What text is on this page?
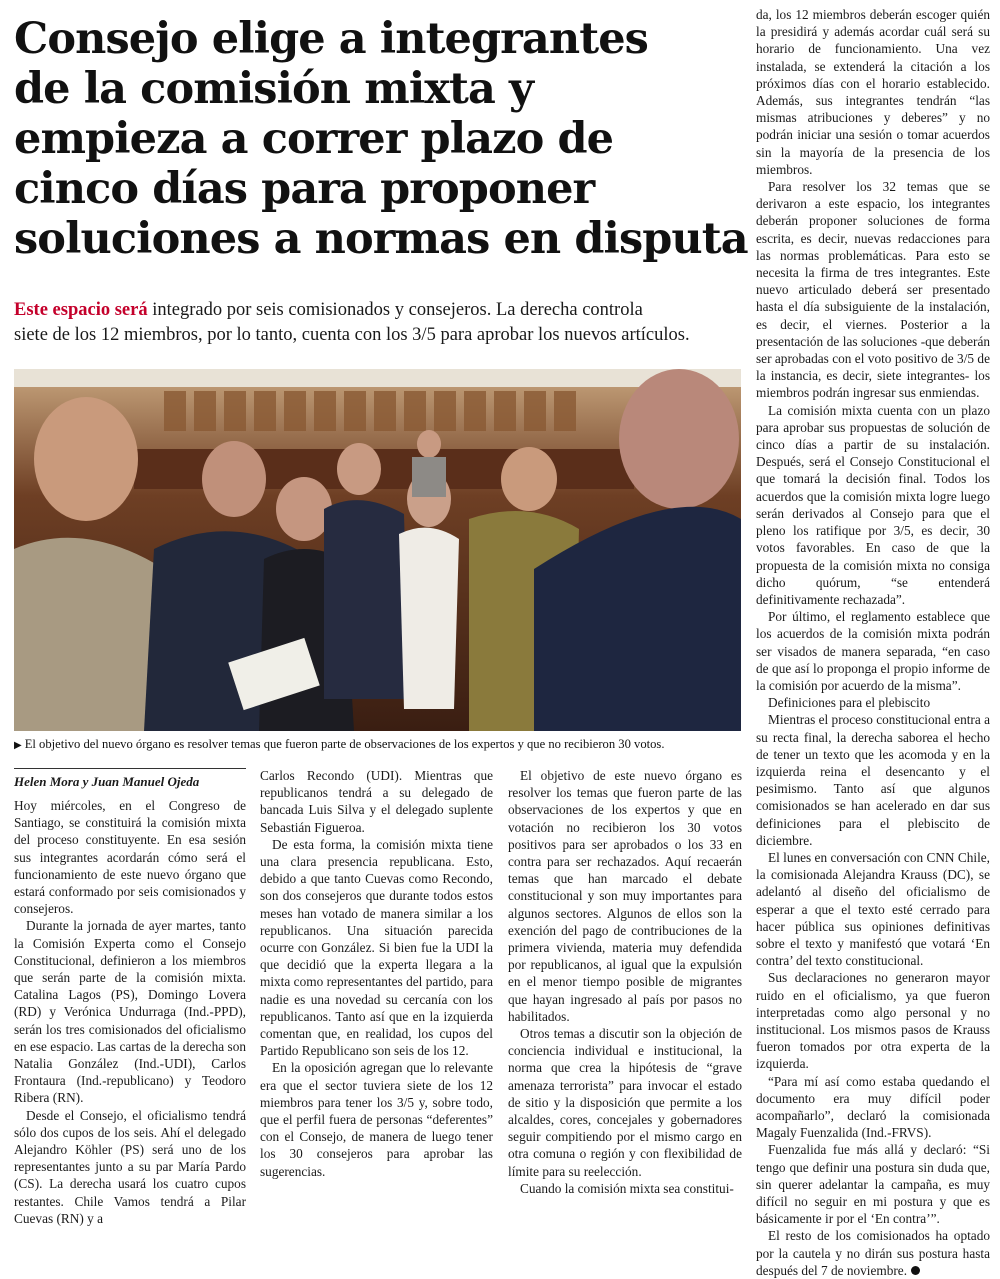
Consejo elige a integrantes
de la comisión mixta y
empieza a correr plazo de
cinco días para proponer
soluciones a normas en disputa
Este espacio será integrado por seis comisionados y consejeros. La derecha controla
siete de los 12 miembros, por lo tanto, cuenta con los 3/5 para aprobar los nuevos artículos.
▶ El objetivo del nuevo órgano es resolver temas que fueron parte de observaciones de los expertos y que no recibieron 30 votos.
Helen Mora y Juan Manuel Ojeda

Hoy miércoles, en el Congreso de Santiago, se constituirá la comisión mixta del proceso constituyente. En esa sesión sus integrantes acordarán cómo será el funcionamiento de este nuevo órgano que estará conformado por seis comisionados y consejeros.

Durante la jornada de ayer martes, tanto la Comisión Experta como el Consejo Constitucional, definieron a los miembros que serán parte de la comisión mixta. Catalina Lagos (PS), Domingo Lovera (RD) y Verónica Undurraga (Ind.-PPD), serán los tres comisionados del oficialismo en ese espacio. Las cartas de la derecha son Natalia González (Ind.-UDI), Carlos Frontaura (Ind.-republicano) y Teodoro Ribera (RN).

Desde el Consejo, el oficialismo tendrá sólo dos cupos de los seis. Ahí el delegado Alejandro Köhler (PS) será uno de los representantes junto a su par María Pardo (CS). La derecha usará los cuatro cupos restantes. Chile Vamos tendrá a Pilar Cuevas (RN) y a

Carlos Recondo (UDI). Mientras que republicanos tendrá a su delegado de bancada Luis Silva y el delegado suplente Sebastián Figueroa.

De esta forma, la comisión mixta tiene una clara presencia republicana. Esto, debido a que tanto Cuevas como Recondo, son dos consejeros que durante todos estos meses han votado de manera similar a los republicanos. Una situación parecida ocurre con González. Si bien fue la UDI la que decidió que la experta llegara a la mixta como representantes del partido, para nadie es una novedad su cercanía con los republicanos. Tanto así que en la izquierda comentan que, en realidad, los cupos del Partido Republicano son seis de los 12.

En la oposición agregan que lo relevante era que el sector tuviera siete de los 12 miembros para tener los 3/5 y, sobre todo, que el perfil fuera de personas “deferentes” con el Consejo, de manera de luego tener los 30 consejeros para aprobar las sugerencias.

El objetivo de este nuevo órgano es resolver los temas que fueron parte de las observaciones de los expertos y que en votación no recibieron los 30 votos positivos para ser aprobados o los 33 en contra para ser rechazados. Aquí recaerán temas que han marcado el debate constitucional y son muy importantes para algunos sectores. Algunos de ellos son la exención del pago de contribuciones de la primera vivienda, materia muy defendida por republicanos, al igual que la expulsión en el menor tiempo posible de migrantes que hayan ingresado al país por pasos no habilitados.

Otros temas a discutir son la objeción de conciencia individual e institucional, la norma que crea la hipótesis de “grave amenaza terrorista” para invocar el estado de sitio y la disposición que permite a los alcaldes, cores, concejales y gobernadores seguir compitiendo por el mismo cargo en otra comuna o región y con flexibilidad de límite para su reelección.

Cuando la comisión mixta sea constitui-

da, los 12 miembros deberán escoger quién la presidirá y además acordar cuál será su horario de funcionamiento. Una vez instalada, se extenderá la citación a los próximos días con el horario establecido. Además, sus integrantes tendrán “las mismas atribuciones y deberes” y no podrán iniciar una sesión o tomar acuerdos sin la mayoría de la presencia de los miembros.

Para resolver los 32 temas que se derivaron a este espacio, los integrantes deberán proponer soluciones de forma escrita, es decir, nuevas redacciones para las normas problemáticas. Para esto se necesita la firma de tres integrantes. Este nuevo articulado deberá ser presentado hasta el día subsiguiente de la instalación, es decir, el viernes. Posterior a la presentación de las soluciones -que deberán ser aprobadas con el voto positivo de 3/5 de la instancia, es decir, siete integrantes- los miembros podrán ingresar sus enmiendas.

La comisión mixta cuenta con un plazo para aprobar sus propuestas de solución de cinco días a partir de su instalación. Después, será el Consejo Constitucional el que tomará la decisión final. Todos los acuerdos que la comisión mixta logre luego serán derivados al Consejo para que el pleno los ratifique por 3/5, es decir, 30 votos favorables. En caso de que la propuesta de la comisión mixta no consiga dicho quórum, “se entenderá definitivamente rechazada”.

Por último, el reglamento establece que los acuerdos de la comisión mixta podrán ser visados de manera separada, “en caso de que así lo proponga el propio informe de la comisión por acuerdo de la misma”.

Definiciones para el plebiscito

Mientras el proceso constitucional entra a su recta final, la derecha saborea el hecho de tener un texto que les acomoda y en la izquierda reina el desencanto y el pesimismo. Tanto así que algunos comisionados se han acelerado en dar sus definiciones para el plebiscito de diciembre.

El lunes en conversación con CNN Chile, la comisionada Alejandra Krauss (DC), se adelantó al diseño del oficialismo de esperar a que el texto esté cerrado para hacer pública sus opiniones definitivas sobre el texto y manifestó que votará ‘En contra’ del texto constitucional.

Sus declaraciones no generaron mayor ruido en el oficialismo, ya que fueron interpretadas como algo personal y no institucional. Los mismos pasos de Krauss fueron tomados por otra experta de la izquierda.

“Para mí así como estaba quedando el documento era muy difícil poder acompañarlo”, declaró la comisionada Magaly Fuenzalida (Ind.-FRVS).

Fuenzalida fue más allá y declaró: “Si tengo que definir una postura sin duda que, sin querer adelantar la campaña, es muy difícil no seguir en mi postura y que es básicamente ir por el ‘En contra’”.

El resto de los comisionados ha optado por la cautela y no dirán sus postura hasta después del 7 de noviembre.
